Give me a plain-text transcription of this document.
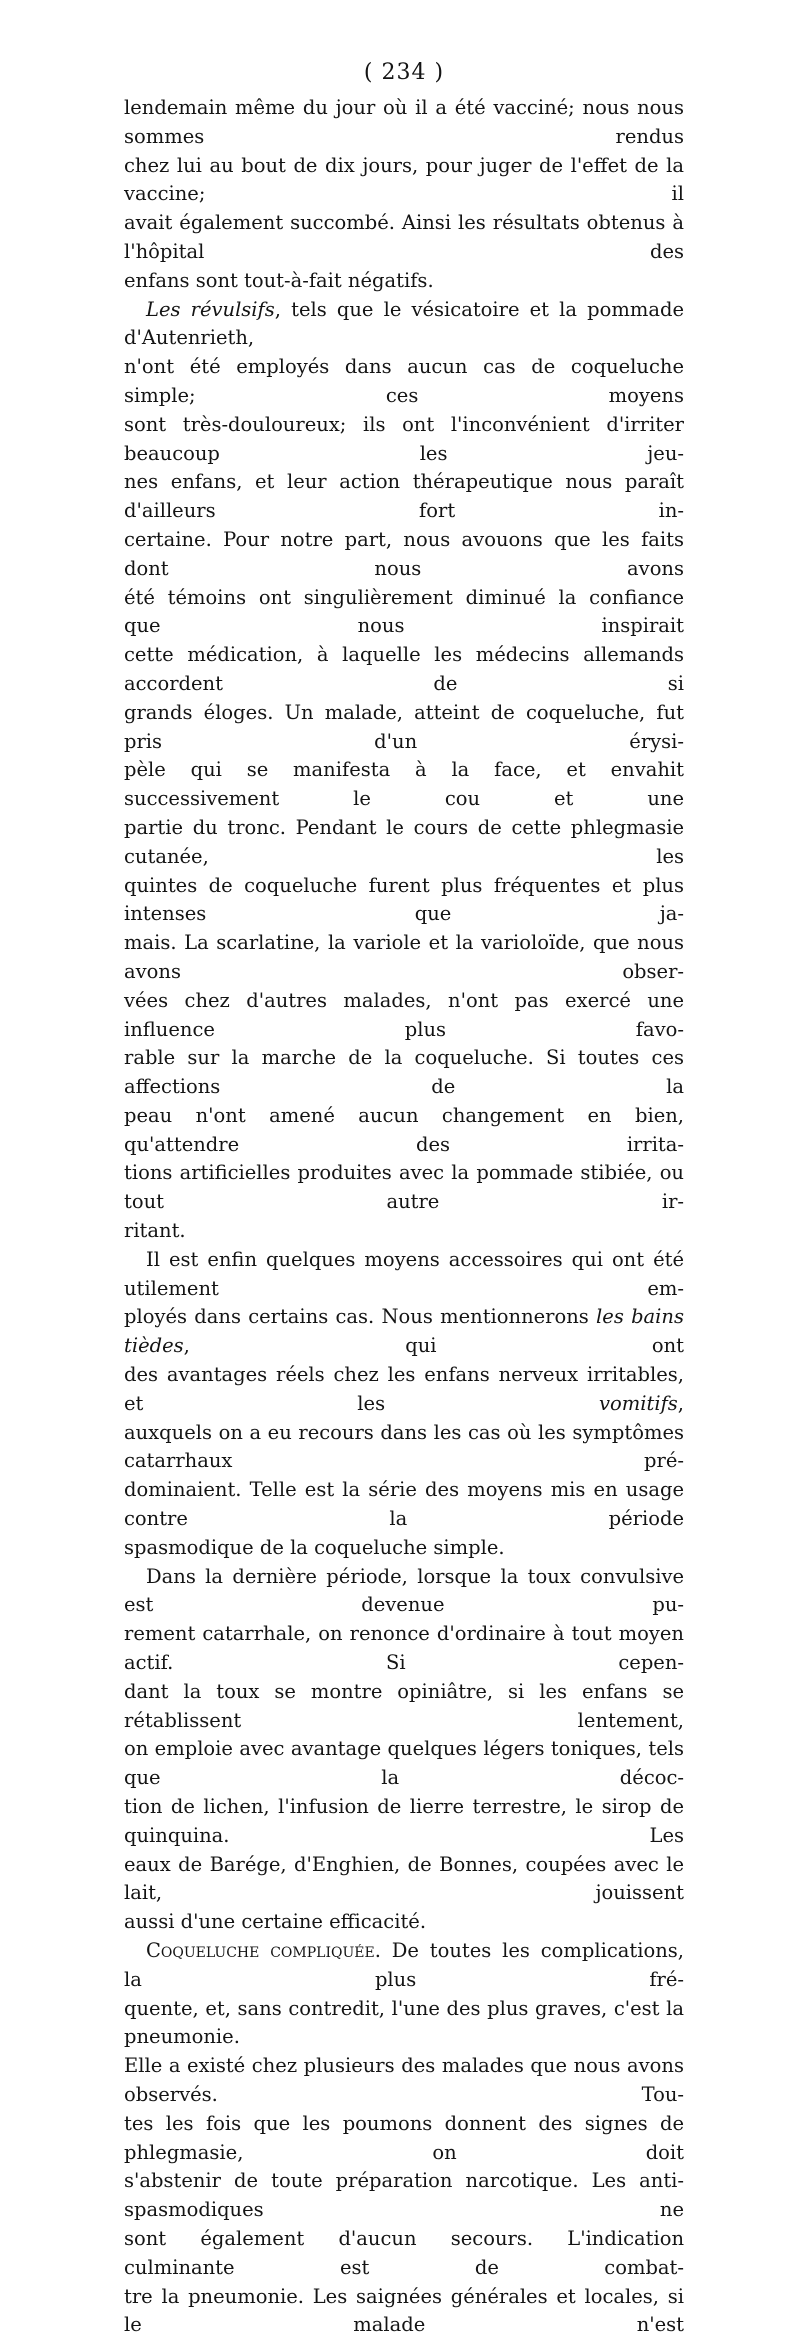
( 234 )

lendemain même du jour où il a été vacciné; nous nous sommes rendus
chez lui au bout de dix jours, pour juger de l'effet de la vaccine; il
avait également succombé. Ainsi les résultats obtenus à l'hôpital des
enfans sont tout-à-fait négatifs.

Les révulsifs, tels que le vésicatoire et la pommade d'Autenrieth,
n'ont été employés dans aucun cas de coqueluche simple; ces moyens
sont très-douloureux; ils ont l'inconvénient d'irriter beaucoup les jeu-
nes enfans, et leur action thérapeutique nous paraît d'ailleurs fort in-
certaine. Pour notre part, nous avouons que les faits dont nous avons
été témoins ont singulièrement diminué la confiance que nous inspirait
cette médication, à laquelle les médecins allemands accordent de si
grands éloges. Un malade, atteint de coqueluche, fut pris d'un érysi-
pèle qui se manifesta à la face, et envahit successivement le cou et une
partie du tronc. Pendant le cours de cette phlegmasie cutanée, les
quintes de coqueluche furent plus fréquentes et plus intenses que ja-
mais. La scarlatine, la variole et la varioloïde, que nous avons obser-
vées chez d'autres malades, n'ont pas exercé une influence plus favo-
rable sur la marche de la coqueluche. Si toutes ces affections de la
peau n'ont amené aucun changement en bien, qu'attendre des irrita-
tions artificielles produites avec la pommade stibiée, ou tout autre ir-
ritant.

Il est enfin quelques moyens accessoires qui ont été utilement em-
ployés dans certains cas. Nous mentionnerons les bains tièdes, qui ont
des avantages réels chez les enfans nerveux irritables, et les vomitifs,
auxquels on a eu recours dans les cas où les symptômes catarrhaux pré-
dominaient. Telle est la série des moyens mis en usage contre la période
spasmodique de la coqueluche simple.

Dans la dernière période, lorsque la toux convulsive est devenue pu-
rement catarrhale, on renonce d'ordinaire à tout moyen actif. Si cepen-
dant la toux se montre opiniâtre, si les enfans se rétablissent lentement,
on emploie avec avantage quelques légers toniques, tels que la décoc-
tion de lichen, l'infusion de lierre terrestre, le sirop de quinquina. Les
eaux de Barége, d'Enghien, de Bonnes, coupées avec le lait, jouissent
aussi d'une certaine efficacité.

Coqueluche compliquée. De toutes les complications, la plus fré-
quente, et, sans contredit, l'une des plus graves, c'est la pneumonie.
Elle a existé chez plusieurs des malades que nous avons observés. Tou-
tes les fois que les poumons donnent des signes de phlegmasie, on doit
s'abstenir de toute préparation narcotique. Les anti-spasmodiques ne
sont également d'aucun secours. L'indication culminante est de combat-
tre la pneumonie. Les saignées générales et locales, si le malade n'est
